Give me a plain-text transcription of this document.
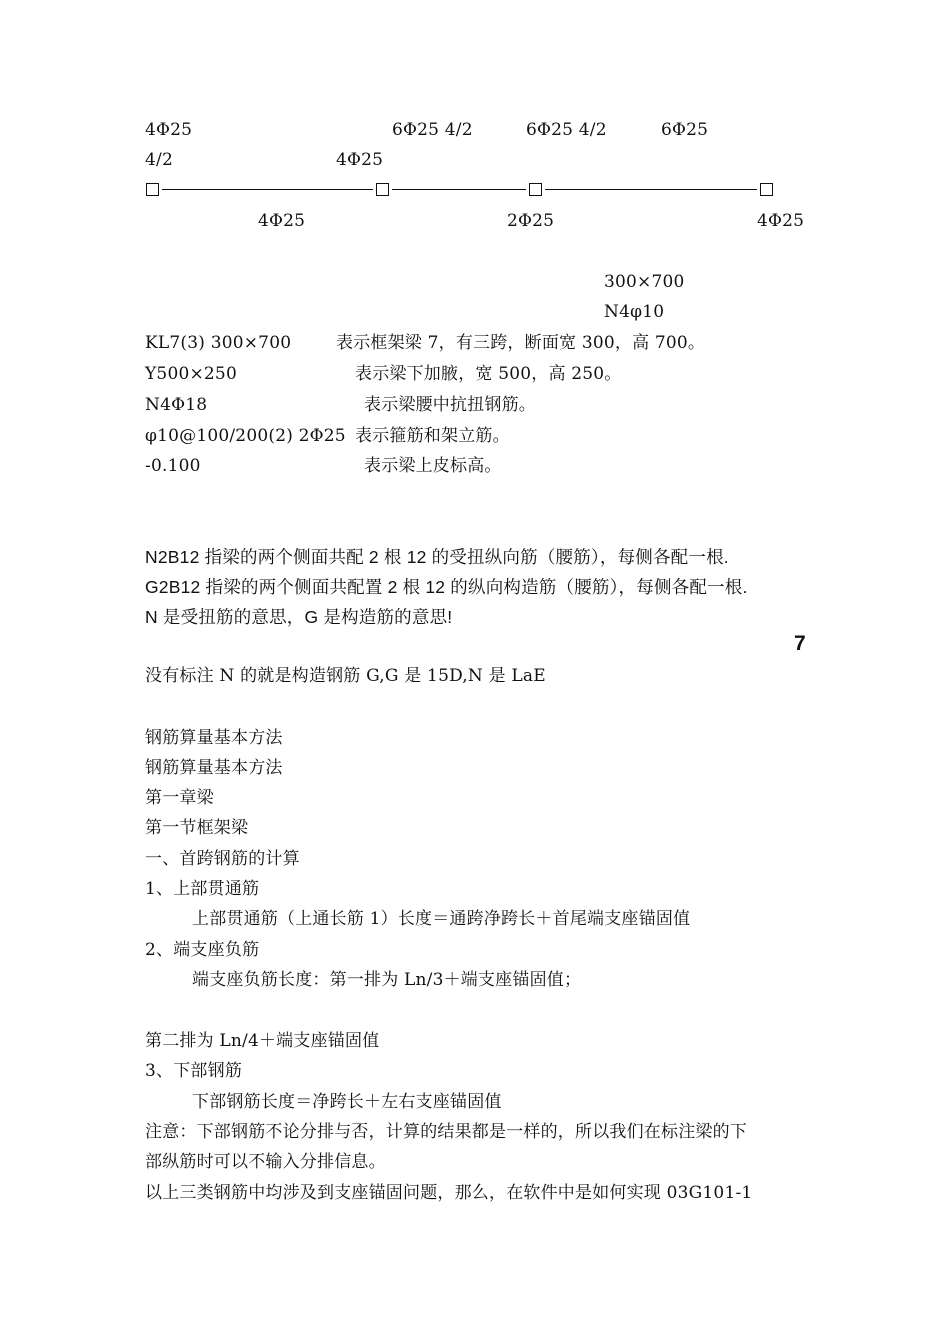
4Φ25	6Φ25 4/2	6Φ25 4/2	6Φ25
4/2	4Φ25
4Φ25	2Φ25	4Φ25
300×700
N4φ10
KL7(3) 300×700	表示框架梁 7，有三跨，断面宽 300，高 700。
Y500×250	表示梁下加腋，宽 500，高 250。
N4Φ18	表示梁腰中抗扭钢筋。
φ10@100/200(2) 2Φ25 表示箍筋和架立筋。
-0.100	表示梁上皮标高。
N2B12 指梁的两个侧面共配 2 根 12 的受扭纵向筋（腰筋），每侧各配一根.
G2B12 指梁的两个侧面共配置 2 根 12 的纵向构造筋（腰筋），每侧各配一根.
N 是受扭筋的意思，G 是构造筋的意思!
7
没有标注 N 的就是构造钢筋 G,G 是 15D,N 是 LaE
钢筋算量基本方法
钢筋算量基本方法
第一章梁
第一节框架梁
一、首跨钢筋的计算
1、上部贯通筋
上部贯通筋（上通长筋 1）长度＝通跨净跨长＋首尾端支座锚固值
2、端支座负筋
端支座负筋长度：第一排为 Ln/3＋端支座锚固值；
第二排为 Ln/4＋端支座锚固值
3、下部钢筋
下部钢筋长度＝净跨长＋左右支座锚固值
注意：下部钢筋不论分排与否，计算的结果都是一样的，所以我们在标注梁的下
部纵筋时可以不输入分排信息。
以上三类钢筋中均涉及到支座锚固问题，那么，在软件中是如何实现 03G101-1
